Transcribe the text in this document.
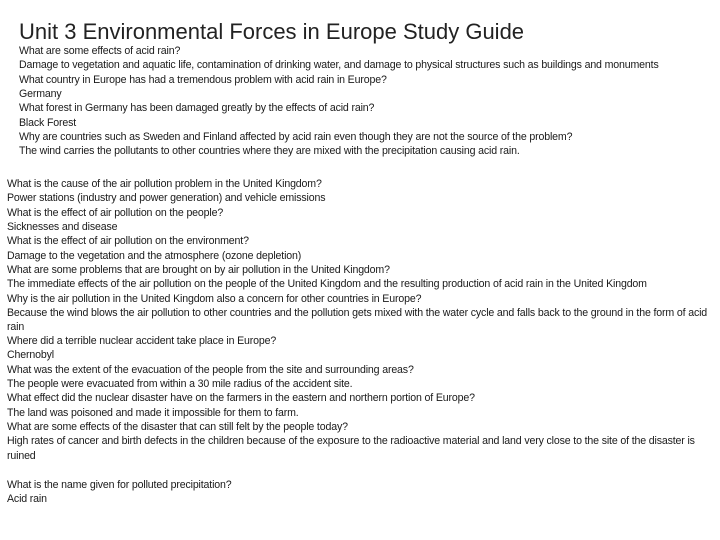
Unit 3 Environmental Forces in Europe Study Guide
What are some effects of acid rain?
Damage to vegetation and aquatic life, contamination of drinking water, and damage to physical structures such as buildings and monuments
What country in Europe has had a tremendous problem with acid rain in Europe?
Germany
What forest in Germany has been damaged greatly by the effects of acid rain?
Black Forest
Why are countries such as Sweden and Finland affected by acid rain even though they are not the source of the problem?
The wind carries the pollutants to other countries where they are mixed with the precipitation causing acid rain.
What is the cause of the air pollution problem in the United Kingdom?
Power stations (industry and power generation) and vehicle emissions
What is the effect of air pollution on the people?
Sicknesses and disease
What is the effect of air pollution on the environment?
Damage to the vegetation and the atmosphere (ozone depletion)
What are some problems that are brought on by air pollution in the United Kingdom?
The immediate effects of the air pollution on the people of the United Kingdom and the resulting production of acid rain in the United Kingdom
Why is the air pollution in the United Kingdom also a concern for other countries in Europe?
Because the wind blows the air pollution to other countries and the pollution gets mixed with the water cycle and falls back to the ground in the form of acid rain
Where did a terrible nuclear accident take place in Europe?
Chernobyl
What was the extent of the evacuation of the people from the site and surrounding areas?
The people were evacuated from within a 30 mile radius of the accident site.
What effect did the nuclear disaster have on the farmers in the eastern and northern portion of Europe?
The land was poisoned and made it impossible for them to farm.
What are some effects of the disaster that can still felt by the people today?
High rates of cancer and birth defects in the children because of the exposure to the radioactive material and land very close to the site of the disaster is ruined
What is the name given for polluted precipitation?
Acid rain
